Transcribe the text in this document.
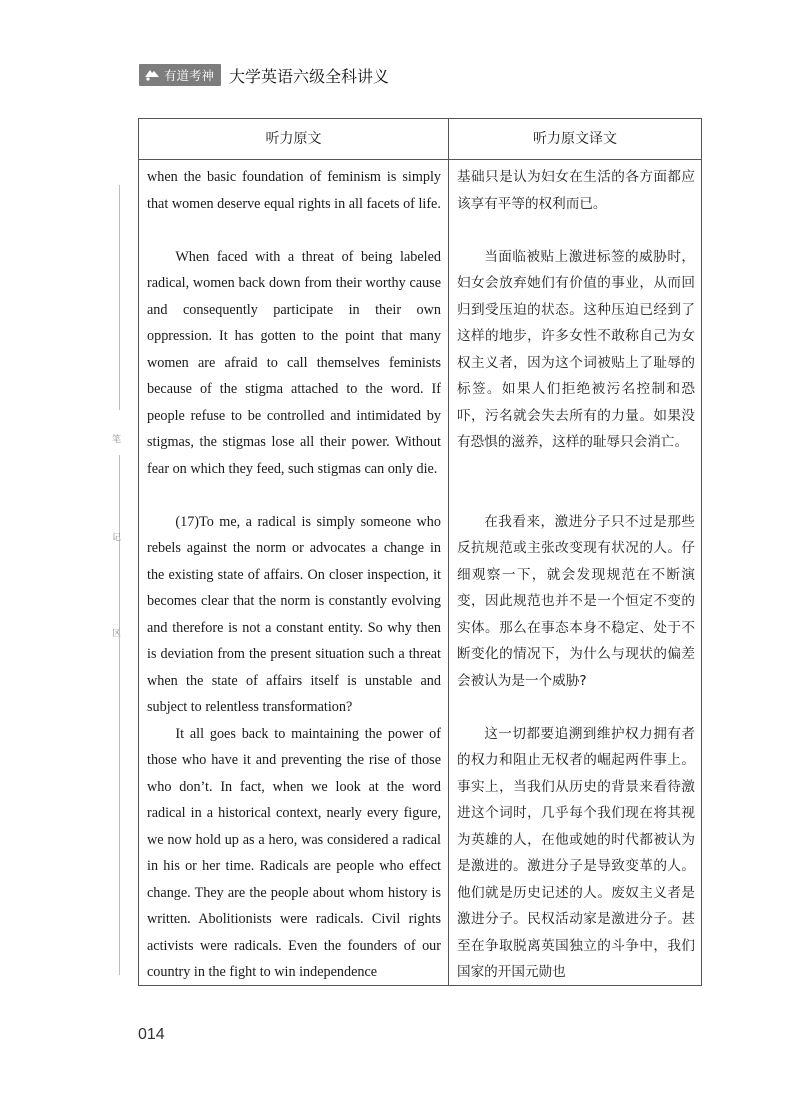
有道考神 大学英语六级全科讲义
笔
记
区
听力原文	听力原文译文

when the basic foundation of feminism is simply that women deserve equal rights in all facets of life.

When faced with a threat of being labeled radical, women back down from their worthy cause and consequently participate in their own oppression. It has gotten to the point that many women are afraid to call themselves feminists because of the stigma attached to the word. If people refuse to be controlled and intimidated by stigmas, the stigmas lose all their power. Without fear on which they feed, such stigmas can only die.

(17)To me, a radical is simply someone who rebels against the norm or advocates a change in the existing state of affairs. On closer inspection, it becomes clear that the norm is constantly evolving and therefore is not a constant entity. So why then is deviation from the present situation such a threat when the state of affairs itself is unstable and subject to relentless transformation?

It all goes back to maintaining the power of those who have it and preventing the rise of those who don’t. In fact, when we look at the word radical in a historical context, nearly every figure, we now hold up as a hero, was considered a radical in his or her time. Radicals are people who effect change. They are the people about whom history is written. Abolitionists were radicals. Civil rights activists were radicals. Even the founders of our country in the fight to win independence

基础只是认为妇女在生活的各方面都应该享有平等的权利而已。

当面临被贴上激进标签的威胁时，妇女会放弃她们有价值的事业，从而回归到受压迫的状态。这种压迫已经到了这样的地步，许多女性不敢称自己为女权主义者，因为这个词被贴上了耻辱的标签。如果人们拒绝被污名控制和恐吓，污名就会失去所有的力量。如果没有恐惧的滋养，这样的耻辱只会消亡。

在我看来，激进分子只不过是那些反抗规范或主张改变现有状况的人。仔细观察一下，就会发现规范在不断演变，因此规范也并不是一个恒定不变的实体。那么在事态本身不稳定、处于不断变化的情况下，为什么与现状的偏差会被认为是一个威胁?

这一切都要追溯到维护权力拥有者的权力和阻止无权者的崛起两件事上。事实上，当我们从历史的背景来看待激进这个词时，几乎每个我们现在将其视为英雄的人，在他或她的时代都被认为是激进的。激进分子是导致变革的人。他们就是历史记述的人。废奴主义者是激进分子。民权活动家是激进分子。甚至在争取脱离英国独立的斗争中，我们国家的开国元勋也

014
